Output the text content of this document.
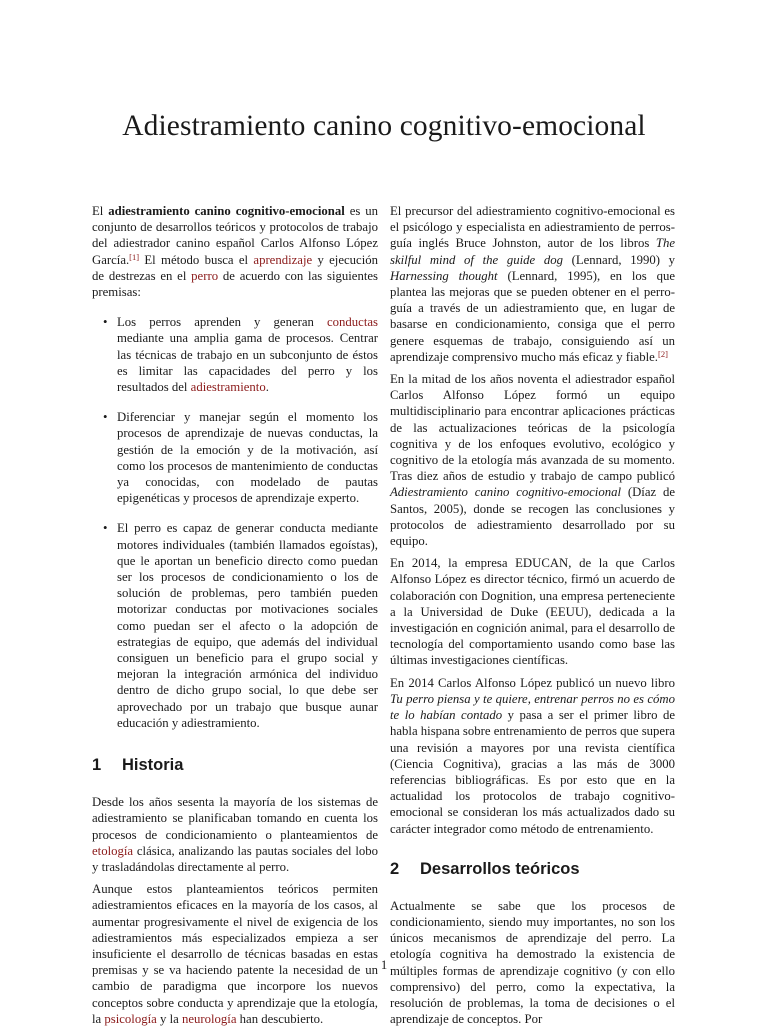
Adiestramiento canino cognitivo-emocional

El adiestramiento canino cognitivo-emocional es un conjunto de desarrollos teóricos y protocolos de trabajo del adiestrador canino español Carlos Alfonso López García.[1] El método busca el aprendizaje y ejecución de destrezas en el perro de acuerdo con las siguientes premisas:

• Los perros aprenden y generan conductas mediante una amplia gama de procesos. Centrar las técnicas de trabajo en un subconjunto de éstos es limitar las capacidades del perro y los resultados del adiestramiento.
• Diferenciar y manejar según el momento los procesos de aprendizaje de nuevas conductas, la gestión de la emoción y de la motivación, así como los procesos de mantenimiento de conductas ya conocidas, con modelado de pautas epigenéticas y procesos de aprendizaje experto.
• El perro es capaz de generar conducta mediante motores individuales (también llamados egoístas), que le aportan un beneficio directo como puedan ser los procesos de condicionamiento o los de solución de problemas, pero también pueden motorizar conductas por motivaciones sociales como puedan ser el afecto o la adopción de estrategias de equipo, que además del individual consiguen un beneficio para el grupo social y mejoran la integración armónica del individuo dentro de dicho grupo social, lo que debe ser aprovechado por un trabajo que busque aunar educación y adiestramiento.
1 Historia

Desde los años sesenta la mayoría de los sistemas de adiestramiento se planificaban tomando en cuenta los procesos de condicionamiento o planteamientos de etología clásica, analizando las pautas sociales del lobo y trasladándolas directamente al perro.

Aunque estos planteamientos teóricos permiten adiestramientos eficaces en la mayoría de los casos, al aumentar progresivamente el nivel de exigencia de los adiestramientos más especializados empieza a ser insuficiente el desarrollo de técnicas basadas en estas premisas y se va haciendo patente la necesidad de un cambio de paradigma que incorpore los nuevos conceptos sobre conducta y aprendizaje que la etología, la psicología y la neurología han descubierto.

El precursor del adiestramiento cognitivo-emocional es el psicólogo y especialista en adiestramiento de perros-guía inglés Bruce Johnston, autor de los libros The skilful mind of the guide dog (Lennard, 1990) y Harnessing thought (Lennard, 1995), en los que plantea las mejoras que se pueden obtener en el perro-guía a través de un adiestramiento que, en lugar de basarse en condicionamiento, consiga que el perro genere esquemas de trabajo, consiguiendo así un aprendizaje comprensivo mucho más eficaz y fiable.[2]

En la mitad de los años noventa el adiestrador español Carlos Alfonso López formó un equipo multidisciplinario para encontrar aplicaciones prácticas de las actualizaciones teóricas de la psicología cognitiva y de los enfoques evolutivo, ecológico y cognitivo de la etología más avanzada de su momento. Tras diez años de estudio y trabajo de campo publicó Adiestramiento canino cognitivo-emocional (Díaz de Santos, 2005), donde se recogen las conclusiones y protocolos de adiestramiento desarrollado por su equipo.

En 2014, la empresa EDUCAN, de la que Carlos Alfonso López es director técnico, firmó un acuerdo de colaboración con Dognition, una empresa perteneciente a la Universidad de Duke (EEUU), dedicada a la investigación en cognición animal, para el desarrollo de tecnología del comportamiento usando como base las últimas investigaciones científicas.

En 2014 Carlos Alfonso López publicó un nuevo libro Tu perro piensa y te quiere, entrenar perros no es cómo te lo habían contado y pasa a ser el primer libro de habla hispana sobre entrenamiento de perros que supera una revisión a mayores por una revista científica (Ciencia Cognitiva), gracias a las más de 3000 referencias bibliográficas. Es por esto que en la actualidad los protocolos de trabajo cognitivo-emocional se consideran los más actualizados dado su carácter integrador como método de entrenamiento.

2 Desarrollos teóricos

Actualmente se sabe que los procesos de condicionamiento, siendo muy importantes, no son los únicos mecanismos de aprendizaje del perro. La etología cognitiva ha demostrado la existencia de múltiples formas de aprendizaje cognitivo (y con ello comprensivo) del perro, como la expectativa, la resolución de problemas, la toma de decisiones o el aprendizaje de conceptos. Por

1
